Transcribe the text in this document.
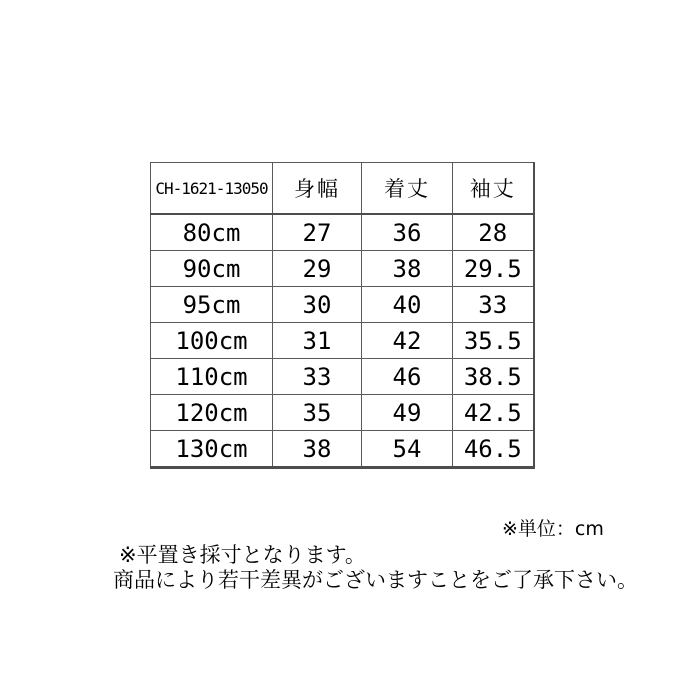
CH-1621-13050	身幅	着丈	袖丈
80cm	27	36	28
90cm	29	38	29.5
95cm	30	40	33
100cm	31	42	35.5
110cm	33	46	38.5
120cm	35	49	42.5
130cm	38	54	46.5
※単位：cm
※平置き採寸となります。
商品により若干差異がございますことをご了承下さい。
